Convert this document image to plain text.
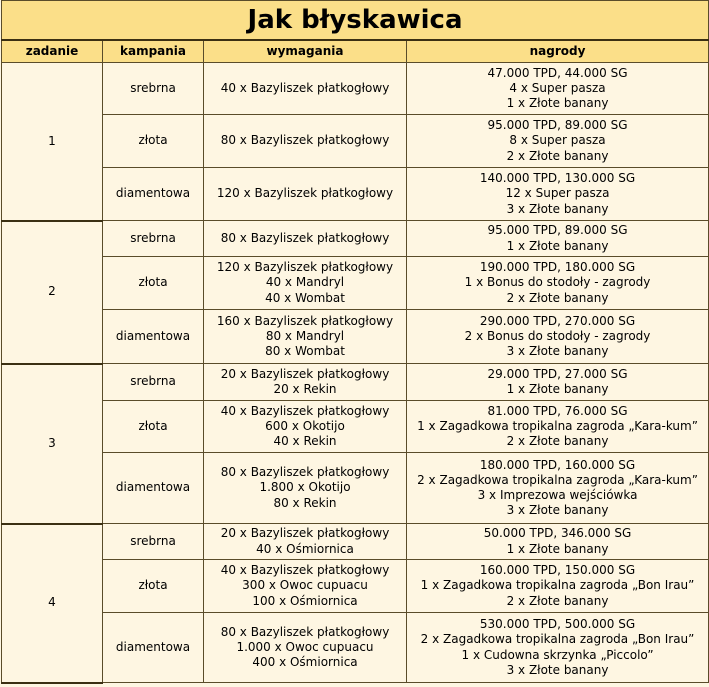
Jak błyskawica			
zadanie	kampania	wymagania	nagrody
1	srebrna	40 x Bazyliszek płatkogłowy	47.000 TPD, 44.000 SG
4 x Super pasza
1 x Złote banany

	złota	80 x Bazyliszek płatkogłowy	95.000 TPD, 89.000 SG
8 x Super pasza
2 x Złote banany

	diamentowa	120 x Bazyliszek płatkogłowy	140.000 TPD, 130.000 SG
12 x Super pasza
3 x Złote banany

2	srebrna	80 x Bazyliszek płatkogłowy	95.000 TPD, 89.000 SG
1 x Złote banany

	złota	120 x Bazyliszek płatkogłowy
40 x Mandryl
40 x Wombat	190.000 TPD, 180.000 SG
1 x Bonus do stodoły - zagrody
2 x Złote banany

	diamentowa	160 x Bazyliszek płatkogłowy
80 x Mandryl
80 x Wombat	290.000 TPD, 270.000 SG
2 x Bonus do stodoły - zagrody
3 x Złote banany

3	srebrna	20 x Bazyliszek płatkogłowy
20 x Rekin	29.000 TPD, 27.000 SG
1 x Złote banany

	złota	40 x Bazyliszek płatkogłowy
600 x Okotijo
40 x Rekin	81.000 TPD, 76.000 SG
1 x Zagadkowa tropikalna zagroda „Kara-kum”
2 x Złote banany

	diamentowa	80 x Bazyliszek płatkogłowy
1.800 x Okotijo
80 x Rekin	180.000 TPD, 160.000 SG
2 x Zagadkowa tropikalna zagroda „Kara-kum”
3 x Imprezowa wejściówka
3 x Złote banany

4	srebrna	20 x Bazyliszek płatkogłowy
40 x Ośmiornica	50.000 TPD, 346.000 SG
1 x Złote banany

	złota	40 x Bazyliszek płatkogłowy
300 x Owoc cupuacu
100 x Ośmiornica	160.000 TPD, 150.000 SG
1 x Zagadkowa tropikalna zagroda „Bon Irau”
2 x Złote banany

	diamentowa	80 x Bazyliszek płatkogłowy
1.000 x Owoc cupuacu
400 x Ośmiornica	530.000 TPD, 500.000 SG
2 x Zagadkowa tropikalna zagroda „Bon Irau”
1 x Cudowna skrzynka „Piccolo”
3 x Złote banany
